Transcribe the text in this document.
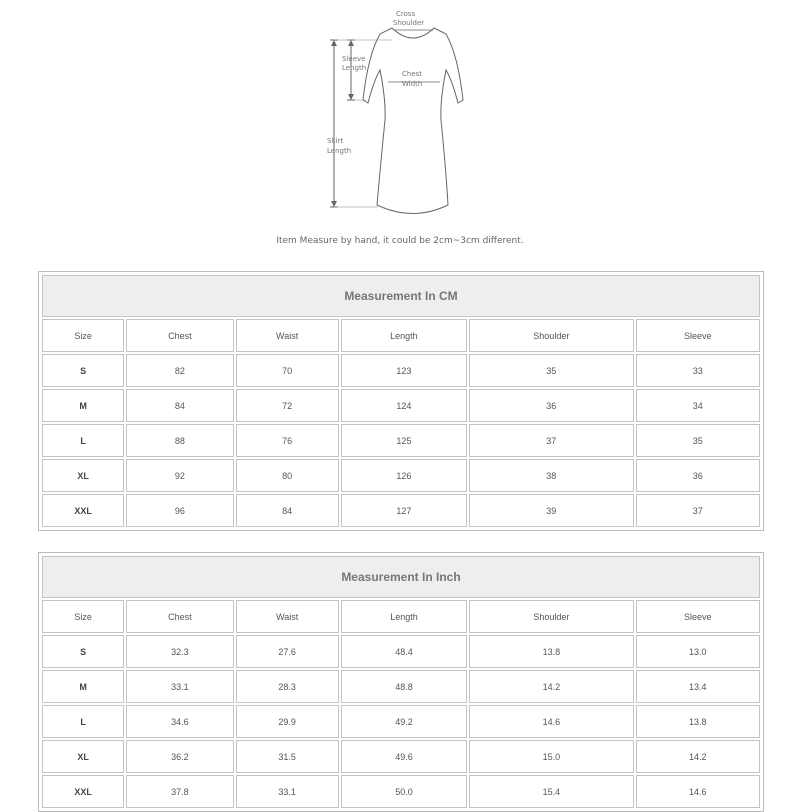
Cross
Shoulder
Sleeve
Length
Chest
Width
Skirt
Length
Item Measure by hand, it could be 2cm~3cm different.
Measurement In CM					
Size	Chest	Waist	Length	Shoulder	Sleeve
S	82	70	123	35	33
M	84	72	124	36	34
L	88	76	125	37	35
XL	92	80	126	38	36
XXL	96	84	127	39	37
Measurement In Inch					
Size	Chest	Waist	Length	Shoulder	Sleeve
S	32.3	27.6	48.4	13.8	13.0
M	33.1	28.3	48.8	14.2	13.4
L	34.6	29.9	49.2	14.6	13.8
XL	36.2	31.5	49.6	15.0	14.2
XXL	37.8	33.1	50.0	15.4	14.6
